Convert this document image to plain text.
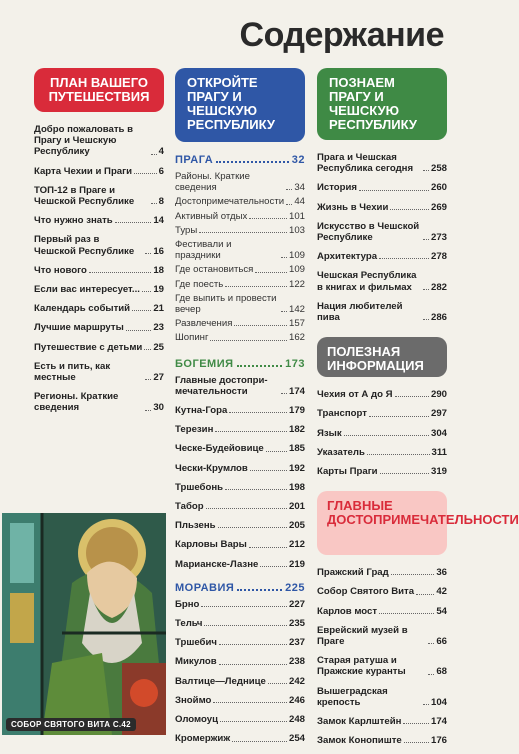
Содержание
ПЛАН ВАШЕГО ПУТЕШЕСТВИЯ
Добро пожаловать в Прагу и Чешскую Республику	4
Карта Чехии и Праги	6
ТОП-12 в Праге и Чешской Республике	8
Что нужно знать	14
Первый раз в Чешской Республике	16
Что нового	18
Если вас интересует... 19
Календарь событий 21
Лучшие маршруты	23
Путешествие с детьми 25
Есть и пить, как местные	27
Регионы. Краткие сведения	30
ОТКРОЙТЕ ПРАГУ И ЧЕШСКУЮ РЕСПУБЛИКУ
ПРАГА	32
Районы. Краткие сведения	34
Достопримечательности 44
Активный отдых	101
Туры	103
Фестивали и праздники	109
Где остановиться	109
Где поесть	122
Где выпить и провести вечер	142
Развлечения	157
Шопинг	162
БОГЕМИЯ	173
Главные достопри-мечательности	174
Кутна-Гора	179
Терезин	182
Ческе-Будейовице	185
Чески-Крумлов	192
Тршебонь	198
Табор	201
Пльзень	205
Карловы Вары	212
Марианске-Лазне	219
МОРАВИЯ	225
Брно	227
Тельч	235
Тршебич	237
Микулов	238
Валтице—Леднице 242
Зноймо	246
Оломоуц	248
Кромержиж	254
ПОЗНАЕМ ПРАГУ И ЧЕШСКУЮ РЕСПУБЛИКУ
Прага и Чешская Республика сегодня	258
История	260
Жизнь в Чехии	269
Искусство в Чешской Республике	273
Архитектура	278
Чешская Республика в книгах и фильмах	282
Нация любителей пива	286
ПОЛЕЗНАЯ ИНФОРМАЦИЯ
Чехия от А до Я	290
Транспорт	297
Язык	304
Указатель	311
Карты Праги	319
ГЛАВНЫЕ ДОСТОПРИМЕЧАТЕЛЬНОСТИ
Пражский Град	36
Собор Святого Вита 42
Карлов мост	54
Еврейский музей в Праге	66
Старая ратуша и Пражские куранты	68
Вышеградская крепость	104
Замок Карлштейн	174
Замок Конопиште	176
СОБОР СВЯТОГО ВИТА С.42
